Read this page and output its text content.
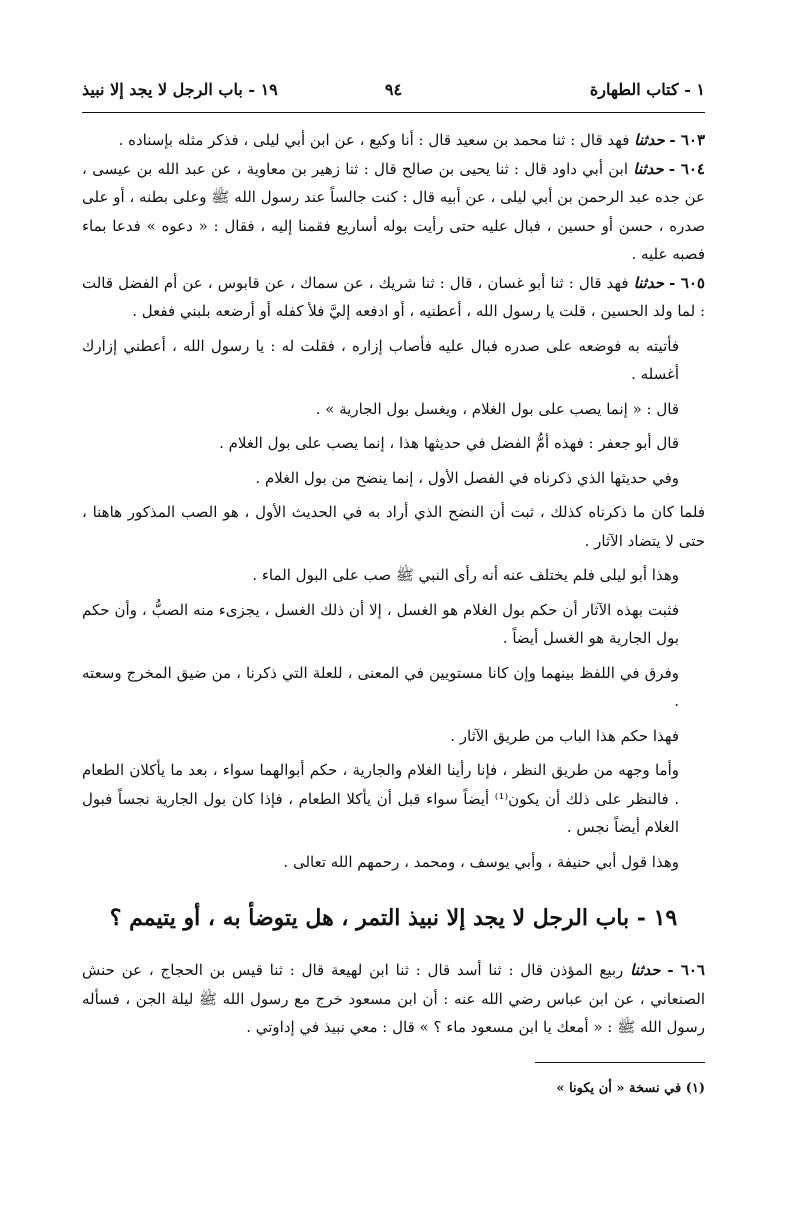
١ - كتاب الطهارة
٩٤
١٩ - باب الرجل لا يجد إلا نبيذ

٦٠٣ - حدثنا فهد قال : ثنا محمد بن سعيد قال : أنا وكيع ، عن ابن أبي ليلى ، فذكر مثله بإسناده .

٦٠٤ - حدثنا ابن أبي داود قال : ثنا يحيى بن صالح قال : ثنا زهير بن معاوية ، عن عبد الله بن عيسى ، عن جده عبد الرحمن بن أبي ليلى ، عن أبيه قال : كنت جالساً عند رسول الله ﷺ وعلى بطنه ، أو على صدره ، حسن أو حسين ، فبال عليه حتى رأيت بوله أساريع فقمنا إليه ، فقال : « دعوه » فدعا بماء فصبه عليه .

٦٠٥ - حدثنا فهد قال : ثنا أبو غسان ، قال : ثنا شريك ، عن سماك ، عن قابوس ، عن أم الفضل قالت : لما ولد الحسين ، قلت يا رسول الله ، أعطنيه ، أو ادفعه إليَّ فلأ كفله أو أرضعه بلبني ففعل .

فأتيته به فوضعه على صدره فبال عليه فأصاب إزاره ، فقلت له : يا رسول الله ، أعطني إزارك أغسله .

قال : « إنما يصب على بول الغلام ، ويغسل بول الجارية » .

قال أبو جعفر : فهذه أمُّ الفضل في حديثها هذا ، إنما يصب على بول الغلام .

وفي حديثها الذي ذكرناه في الفصل الأول ، إنما ينضح من بول الغلام .

فلما كان ما ذكرناه كذلك ، ثبت أن النضح الذي أراد به في الحديث الأول ، هو الصب المذكور هاهنا ، حتى لا يتضاد الآثار .

وهذا أبو ليلى فلم يختلف عنه أنه رأى النبي ﷺ صب على البول الماء .

فثبت بهذه الآثار أن حكم بول الغلام هو الغسل ، إلا أن ذلك الغسل ، يجزىء منه الصبُّ ، وأن حكم بول الجارية هو الغسل أيضاً .

وفرق في اللفظ بينهما وإن كانا مستويين في المعنى ، للعلة التي ذكرنا ، من ضيق المخرج وسعته .

فهذا حكم هذا الباب من طريق الآثار .

وأما وجهه من طريق النظر ، فإنا رأينا الغلام والجارية ، حكم أبوالهما سواء ، بعد ما يأكلان الطعام . فالنظر على ذلك أن يكون⁽¹⁾ أيضاً سواء قبل أن يأكلا الطعام ، فإذا كان بول الجارية نجساً فبول الغلام أيضاً نجس .

وهذا قول أبي حنيفة ، وأبي يوسف ، ومحمد ، رحمهم الله تعالى .

١٩ - باب الرجل لا يجد إلا نبيذ التمر ، هل يتوضأ به ، أو يتيمم ؟

٦٠٦ - حدثنا ربيع المؤذن قال : ثنا أسد قال : ثنا ابن لهيعة قال : ثنا قيس بن الحجاج ، عن حنش الصنعاني ، عن ابن عباس رضي الله عنه : أن ابن مسعود خرج مع رسول الله ﷺ ليلة الجن ، فسأله رسول الله ﷺ : « أمعك يا ابن مسعود ماء ؟ » قال : معي نبيذ في إداوتي .

(١) في نسخة « أن يكونا »
